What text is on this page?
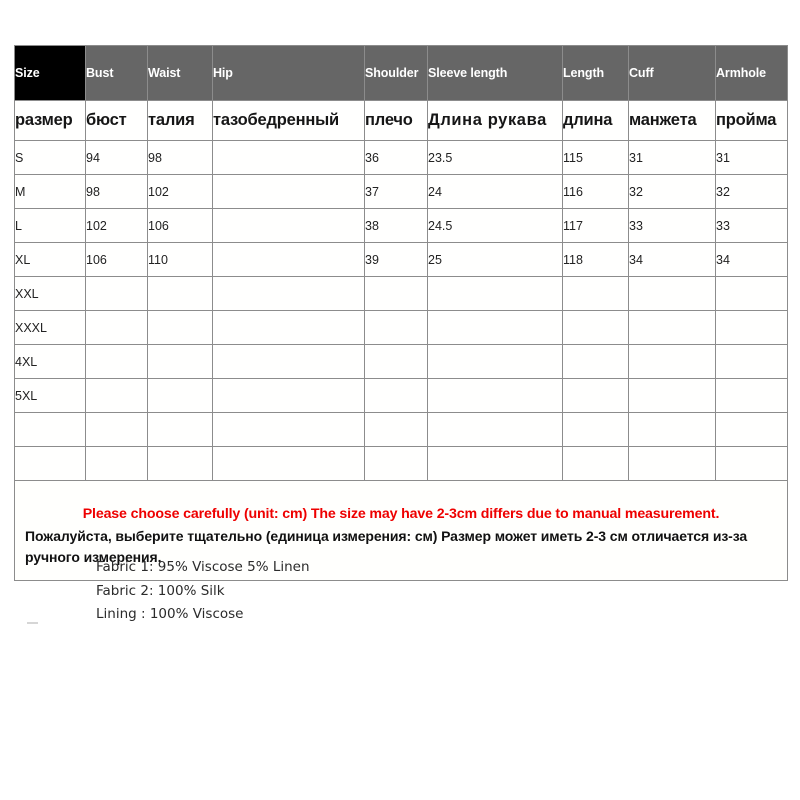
Size	Bust	Waist	Hip	Shoulder	Sleeve length	Length	Cuff	Armhole
размер	бюст	талия	тазобедренный	плечо	Длина рукава	длина	манжета	пройма
S	94	98		36	23.5	115	31	31
M	98	102		37	24	116	32	32
L	102	106		38	24.5	117	33	33
XL	106	110		39	25	118	34	34
XXL								
XXXL								
4XL								
5XL								

Please choose carefully (unit: cm) The size may have 2-3cm differs due to manual measurement.
Пожалуйста, выберите тщательно (единица измерения: см) Размер может иметь 2-3 см отличается из-за ручного измерения.								
Fabric 1: 95% Viscose 5% Linen
Fabric 2: 100% Silk
Lining : 100% Viscose
